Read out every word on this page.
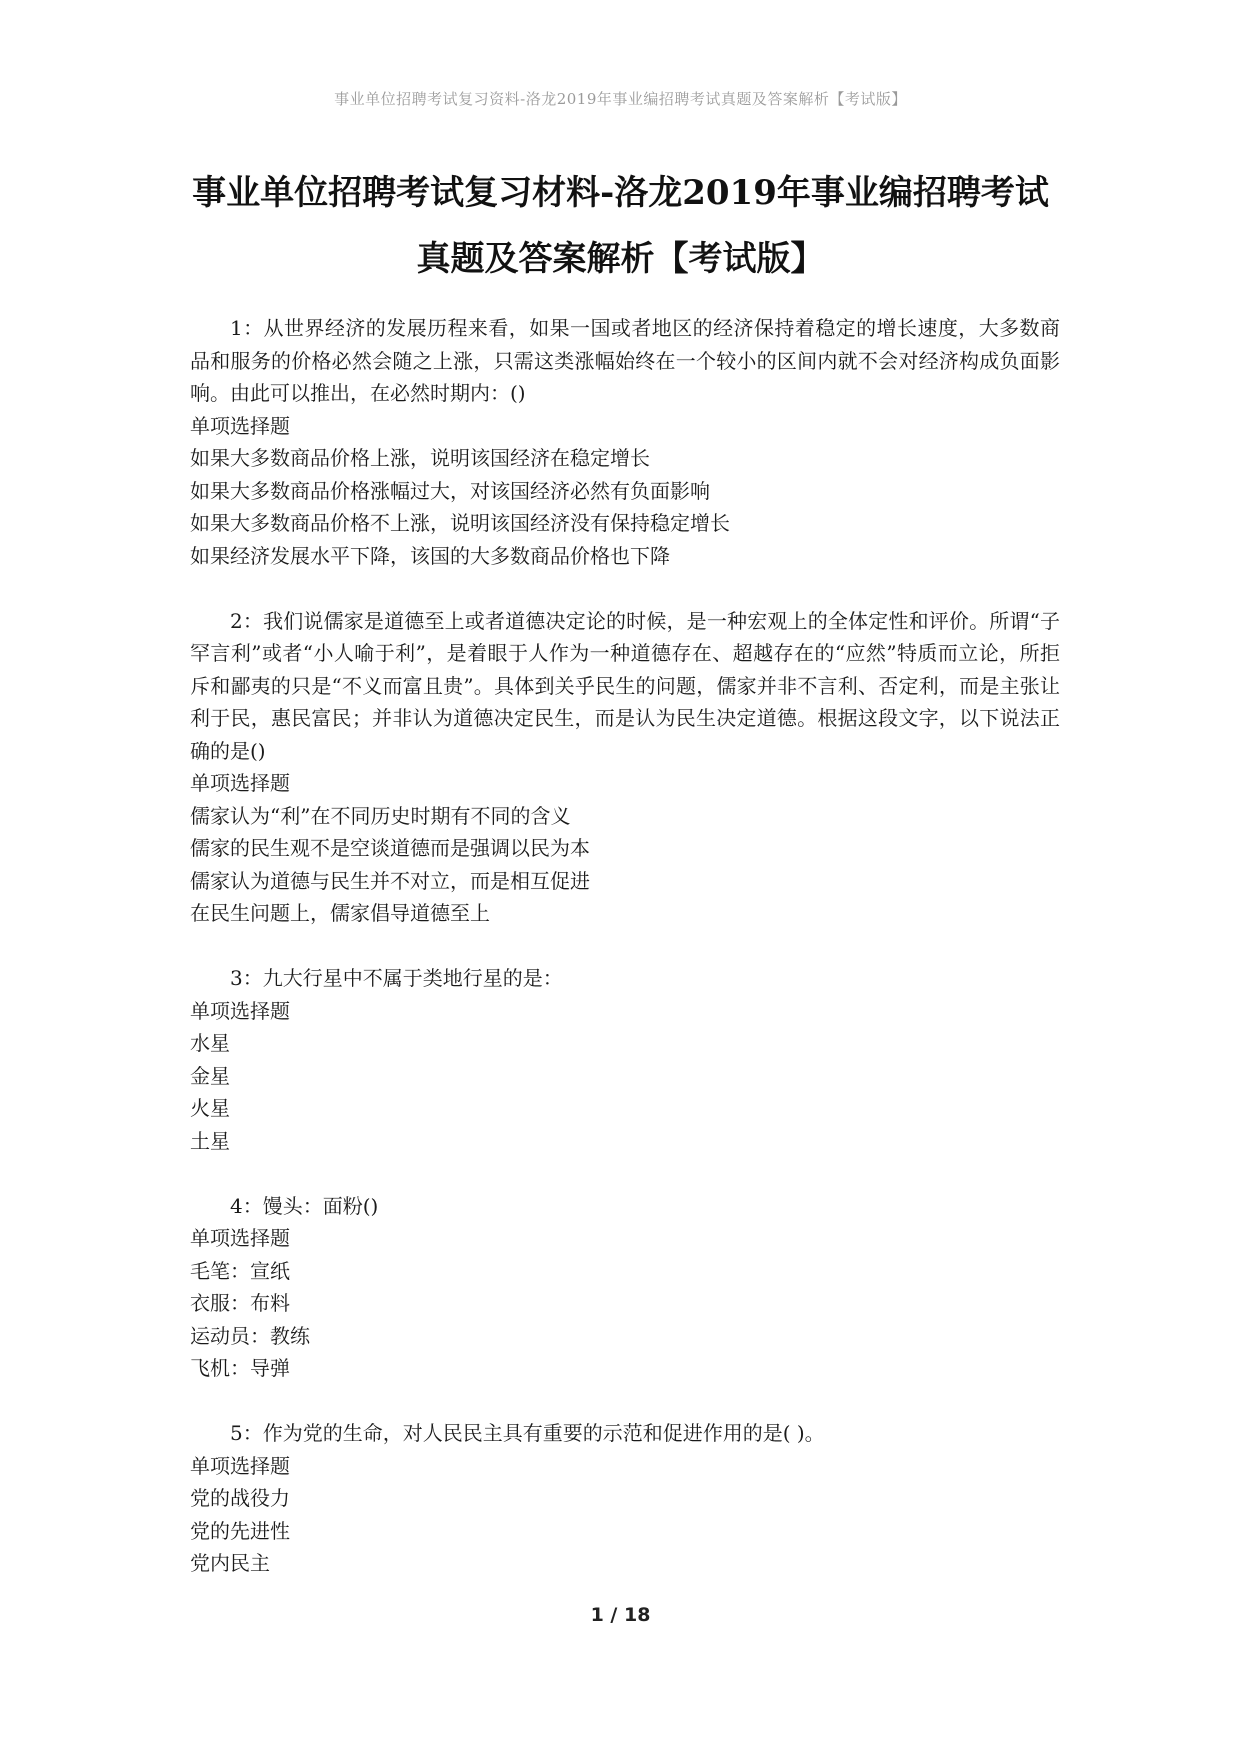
事业单位招聘考试复习资料-洛龙2019年事业编招聘考试真题及答案解析【考试版】
事业单位招聘考试复习材料-洛龙2019年事业编招聘考试
真题及答案解析【考试版】

1：从世界经济的发展历程来看，如果一国或者地区的经济保持着稳定的增长速度，大多数商品和服务的价格必然会随之上涨，只需这类涨幅始终在一个较小的区间内就不会对经济构成负面影响。由此可以推出，在必然时期内：()

单项选择题

如果大多数商品价格上涨，说明该国经济在稳定增长

如果大多数商品价格涨幅过大，对该国经济必然有负面影响

如果大多数商品价格不上涨，说明该国经济没有保持稳定增长

如果经济发展水平下降，该国的大多数商品价格也下降

2：我们说儒家是道德至上或者道德决定论的时候，是一种宏观上的全体定性和评价。所谓“子罕言利”或者“小人喻于利”，是着眼于人作为一种道德存在、超越存在的“应然”特质而立论，所拒斥和鄙夷的只是“不义而富且贵”。具体到关乎民生的问题，儒家并非不言利、否定利，而是主张让利于民，惠民富民；并非认为道德决定民生，而是认为民生决定道德。根据这段文字，以下说法正确的是()

单项选择题

儒家认为“利”在不同历史时期有不同的含义

儒家的民生观不是空谈道德而是强调以民为本

儒家认为道德与民生并不对立，而是相互促进

在民生问题上，儒家倡导道德至上

3：九大行星中不属于类地行星的是：

单项选择题

水星

金星

火星

土星

4：馒头：面粉()

单项选择题

毛笔：宣纸

衣服：布料

运动员：教练

飞机：导弹

5：作为党的生命，对人民民主具有重要的示范和促进作用的是( )。

单项选择题

党的战役力

党的先进性

党内民主

1 / 18
